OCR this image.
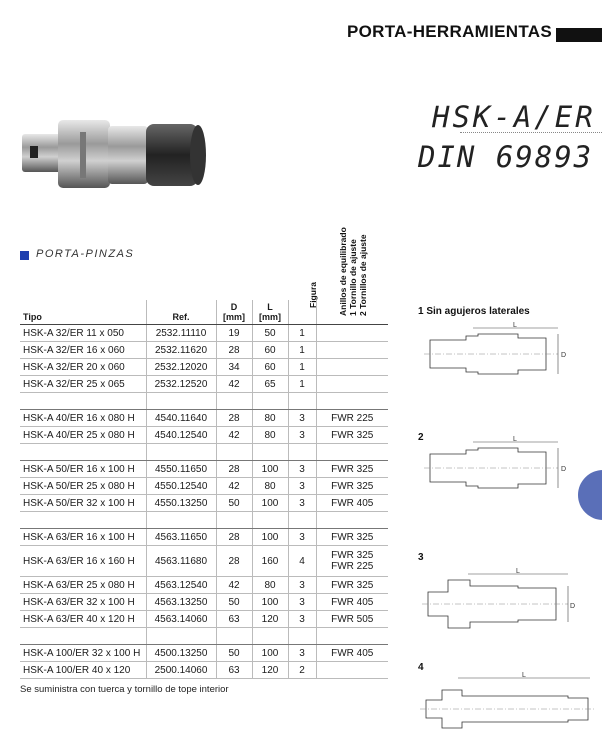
PORTA-HERRAMIENTAS
HSK-A/ER
DIN 69893
PORTA-PINZAS
Figura Anillos de equilibrado 1 Tornillo de ajuste 2 Tornillos de ajuste
Tipo	Ref.	D [mm]	L [mm]		
HSK-A 32/ER 11 x 050	2532.11110	19	50	1	
HSK-A 32/ER 16 x 060	2532.11620	28	60	1	
HSK-A 32/ER 20 x 060	2532.12020	34	60	1	
HSK-A 32/ER 25 x 065	2532.12520	42	65	1	

HSK-A 40/ER 16 x 080 H	4540.11640	28	80	3	FWR 225
HSK-A 40/ER 25 x 080 H	4540.12540	42	80	3	FWR 325

HSK-A 50/ER 16 x 100 H	4550.11650	28	100	3	FWR 325
HSK-A 50/ER 25 x 080 H	4550.12540	42	80	3	FWR 325
HSK-A 50/ER 32 x 100 H	4550.13250	50	100	3	FWR 405

HSK-A 63/ER 16 x 100 H	4563.11650	28	100	3	FWR 325
HSK-A 63/ER 16 x 160 H	4563.11680	28	160	4	FWR 325
FWR 225
HSK-A 63/ER 25 x 080 H	4563.12540	42	80	3	FWR 325
HSK-A 63/ER 32 x 100 H	4563.13250	50	100	3	FWR 405
HSK-A 63/ER 40 x 120 H	4563.14060	63	120	3	FWR 505

HSK-A 100/ER 32 x 100 H	4500.13250	50	100	3	FWR 405
HSK-A 100/ER 40 x 120	2500.14060	63	120	2	
Se suministra con tuerca y tornillo de tope interior
1 Sin agujeros laterales
L
D
2	L
D
3
L
D
4
L
